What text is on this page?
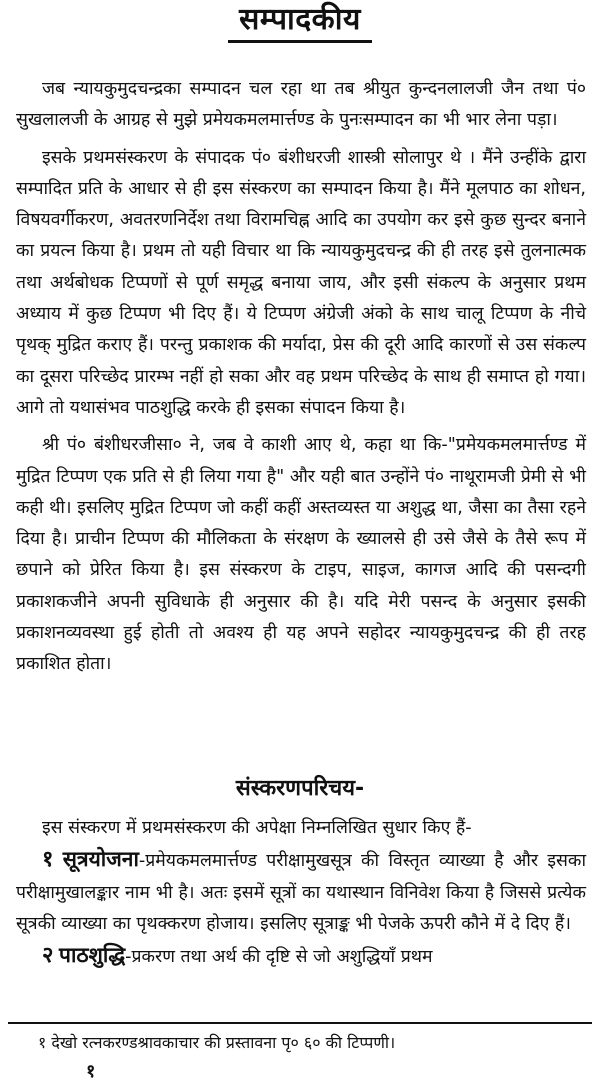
सम्पादकीय

जब न्यायकुमुदचन्द्रका सम्पादन चल रहा था तब श्रीयुत कुन्दनलालजी जैन तथा पं० सुखलालजी के आग्रह से मुझे प्रमेयकमलमार्त्तण्ड के पुनःसम्पादन का भी भार लेना पड़ा।

इसके प्रथमसंस्करण के संपादक पं० बंशीधरजी शास्त्री सोलापुर थे । मैंने उन्हींके द्वारा सम्पादित प्रति के आधार से ही इस संस्करण का सम्पादन किया है। मैंने मूलपाठ का शोधन, विषयवर्गीकरण, अवतरणनिर्देश तथा विरामचिह्न आदि का उपयोग कर इसे कुछ सुन्दर बनाने का प्रयत्न किया है। प्रथम तो यही विचार था कि न्यायकुमुदचन्द्र की ही तरह इसे तुलनात्मक तथा अर्थबोधक टिप्पणों से पूर्ण समृद्ध बनाया जाय, और इसी संकल्प के अनुसार प्रथम अध्याय में कुछ टिप्पण भी दिए हैं। ये टिप्पण अंग्रेजी अंको के साथ चालू टिप्पण के नीचे पृथक् मुद्रित कराए हैं। परन्तु प्रकाशक की मर्यादा, प्रेस की दूरी आदि कारणों से उस संकल्प का दूसरा परिच्छेद प्रारम्भ नहीं हो सका और वह प्रथम परिच्छेद के साथ ही समाप्त हो गया। आगे तो यथासंभव पाठशुद्धि करके ही इसका संपादन किया है।

श्री पं० बंशीधरजीसा० ने, जब वे काशी आए थे, कहा था कि-"प्रमेयकमलमार्त्तण्ड में मुद्रित टिप्पण एक प्रति से ही लिया गया है" और यही बात उन्होंने पं० नाथूरामजी प्रेमी से भी कही थी। इसलिए मुद्रित टिप्पण जो कहीं कहीं अस्तव्यस्त या अशुद्ध था, जैसा का तैसा रहने दिया है। प्राचीन टिप्पण की मौलिकता के संरक्षण के ख्यालसे ही उसे जैसे के तैसे रूप में छपाने को प्रेरित किया है। इस संस्करण के टाइप, साइज, कागज आदि की पसन्दगी प्रकाशकजीने अपनी सुविधाके ही अनुसार की है। यदि मेरी पसन्द के अनुसार इसकी प्रकाशनव्यवस्था हुई होती तो अवश्य ही यह अपने सहोदर न्यायकुमुदचन्द्र की ही तरह प्रकाशित होता।

संस्करणपरिचय-

इस संस्करण में प्रथमसंस्करण की अपेक्षा निम्नलिखित सुधार किए हैं-

१ सूत्रयोजना-प्रमेयकमलमार्त्तण्ड परीक्षामुखसूत्र की विस्तृत व्याख्या है और इसका परीक्षामुखालङ्कार नाम भी है। अतः इसमें सूत्रों का यथास्थान विनिवेश किया है जिससे प्रत्येक सूत्रकी व्याख्या का पृथक्करण होजाय। इसलिए सूत्राङ्क भी पेजके ऊपरी कौने में दे दिए हैं।

२ पाठशुद्धि-प्रकरण तथा अर्थ की दृष्टि से जो अशुद्धियाँ प्रथम

१ देखो रत्नकरण्डश्रावकाचार की प्रस्तावना पृ० ६० की टिप्पणी।
१
